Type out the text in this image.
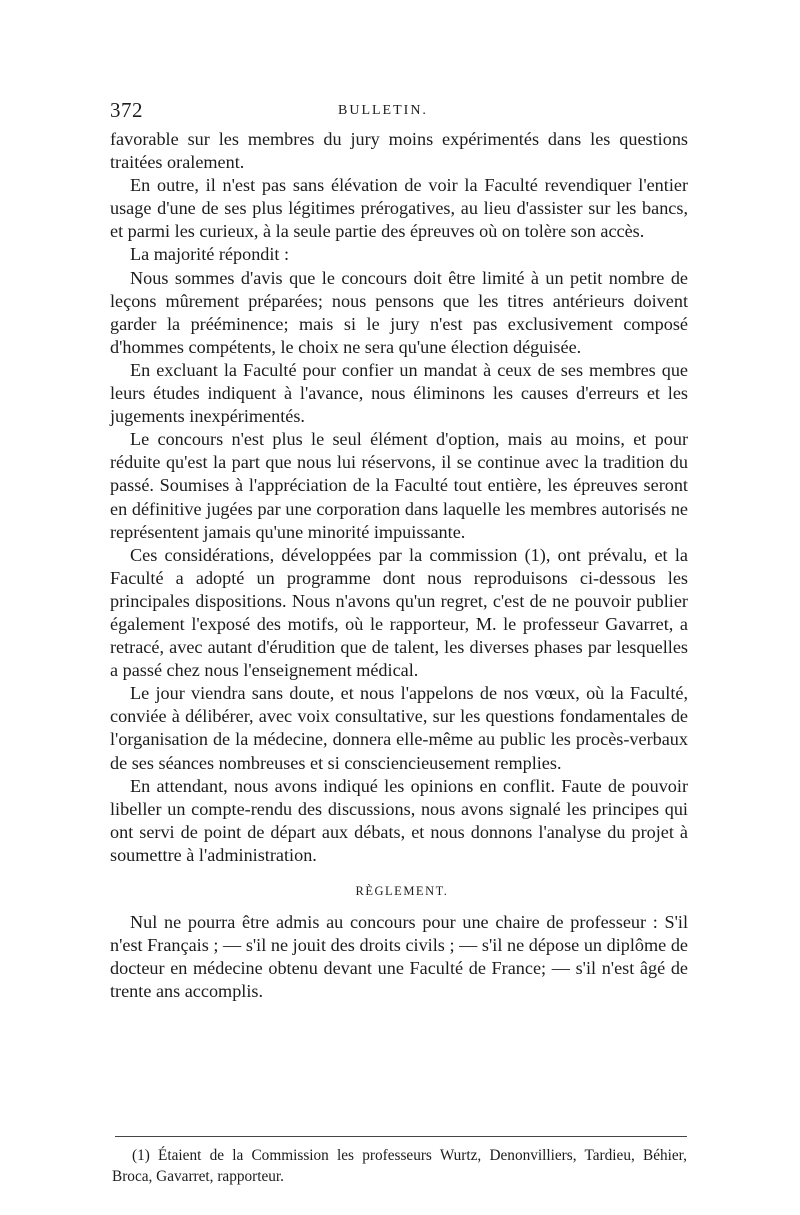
372	BULLETIN.

favorable sur les membres du jury moins expérimentés dans les questions traitées oralement.

En outre, il n'est pas sans élévation de voir la Faculté revendiquer l'entier usage d'une de ses plus légitimes prérogatives, au lieu d'assister sur les bancs, et parmi les curieux, à la seule partie des épreuves où on tolère son accès.

La majorité répondit :

Nous sommes d'avis que le concours doit être limité à un petit nombre de leçons mûrement préparées; nous pensons que les titres antérieurs doivent garder la prééminence; mais si le jury n'est pas exclusivement composé d'hommes compétents, le choix ne sera qu'une élection déguisée.

En excluant la Faculté pour confier un mandat à ceux de ses membres que leurs études indiquent à l'avance, nous éliminons les causes d'erreurs et les jugements inexpérimentés.

Le concours n'est plus le seul élément d'option, mais au moins, et pour réduite qu'est la part que nous lui réservons, il se continue avec la tradition du passé. Soumises à l'appréciation de la Faculté tout entière, les épreuves seront en définitive jugées par une corporation dans laquelle les membres autorisés ne représentent jamais qu'une minorité impuissante.

Ces considérations, développées par la commission (1), ont prévalu, et la Faculté a adopté un programme dont nous reproduisons ci-dessous les principales dispositions. Nous n'avons qu'un regret, c'est de ne pouvoir publier également l'exposé des motifs, où le rapporteur, M. le professeur Gavarret, a retracé, avec autant d'érudition que de talent, les diverses phases par lesquelles a passé chez nous l'enseignement médical.

Le jour viendra sans doute, et nous l'appelons de nos vœux, où la Faculté, conviée à délibérer, avec voix consultative, sur les questions fondamentales de l'organisation de la médecine, donnera elle-même au public les procès-verbaux de ses séances nombreuses et si consciencieusement remplies.

En attendant, nous avons indiqué les opinions en conflit. Faute de pouvoir libeller un compte-rendu des discussions, nous avons signalé les principes qui ont servi de point de départ aux débats, et nous donnons l'analyse du projet à soumettre à l'administration.

RÈGLEMENT.

Nul ne pourra être admis au concours pour une chaire de professeur : S'il n'est Français ; — s'il ne jouit des droits civils ; — s'il ne dépose un diplôme de docteur en médecine obtenu devant une Faculté de France; — s'il n'est âgé de trente ans accomplis.

(1) Étaient de la Commission les professeurs Wurtz, Denonvilliers, Tardieu, Béhier, Broca, Gavarret, rapporteur.
